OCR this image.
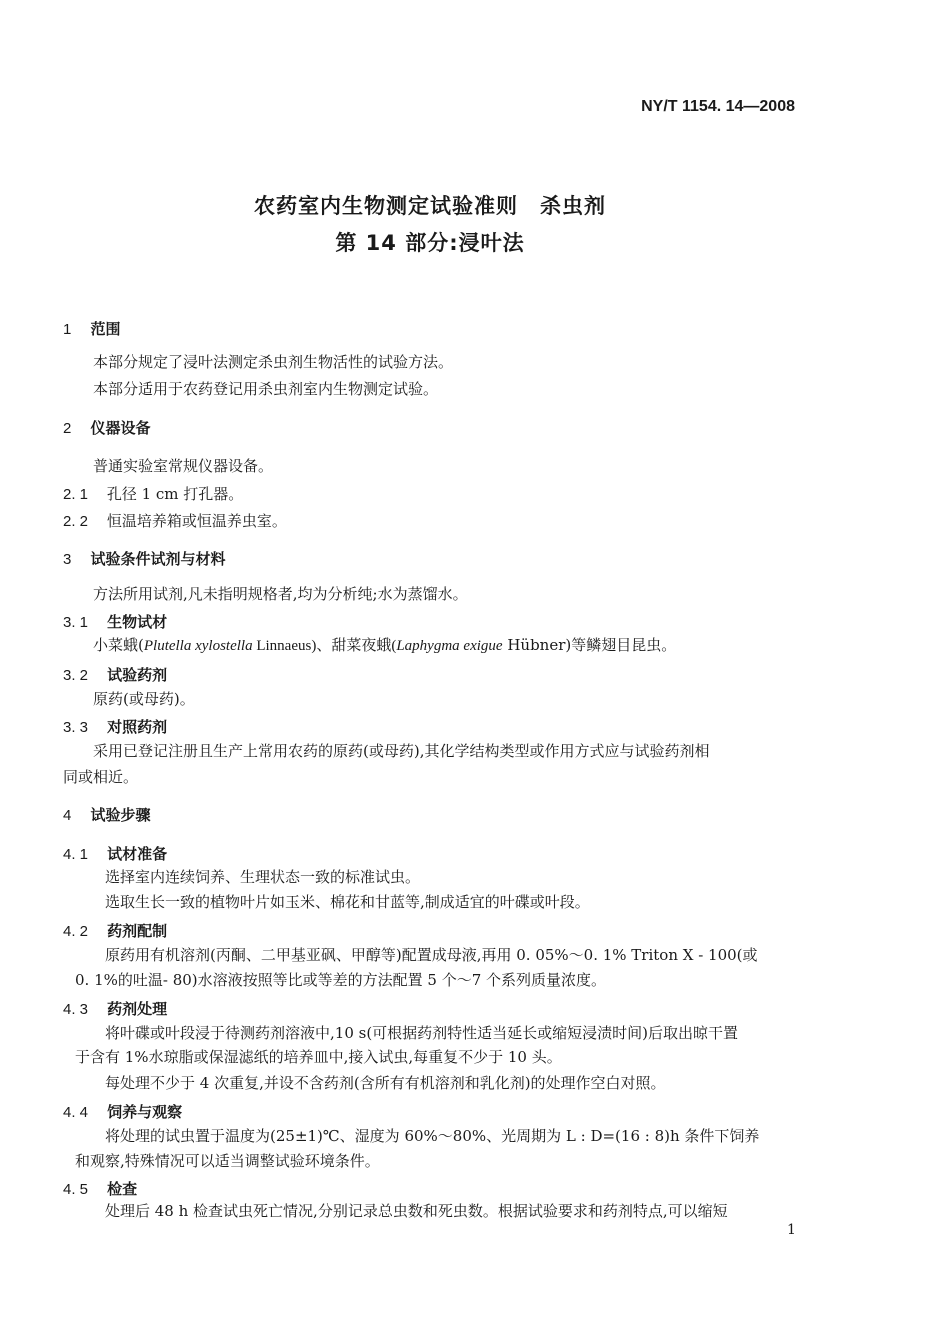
NY/T 1154. 14—2008
农药室内生物测定试验准则　杀虫剂
第 14 部分:浸叶法
1 范围
本部分规定了浸叶法测定杀虫剂生物活性的试验方法。
本部分适用于农药登记用杀虫剂室内生物测定试验。
2 仪器设备
普通实验室常规仪器设备。
2. 1 孔径 1 cm 打孔器。
2. 2 恒温培养箱或恒温养虫室。
3 试验条件试剂与材料
方法所用试剂,凡未指明规格者,均为分析纯;水为蒸馏水。
3. 1 生物试材
小菜蛾(Plutella xylostella Linnaeus)、甜菜夜蛾(Laphygma exigue Hübner)等鳞翅目昆虫。
3. 2 试验药剂
原药(或母药)。
3. 3 对照药剂
采用已登记注册且生产上常用农药的原药(或母药),其化学结构类型或作用方式应与试验药剂相
同或相近。
4 试验步骤
4. 1 试材准备
选择室内连续饲养、生理状态一致的标准试虫。
选取生长一致的植物叶片如玉米、棉花和甘蓝等,制成适宜的叶碟或叶段。
4. 2 药剂配制
原药用有机溶剂(丙酮、二甲基亚砜、甲醇等)配置成母液,再用 0. 05%～0. 1% Triton X - 100(或
0. 1%的吐温- 80)水溶液按照等比或等差的方法配置 5 个～7 个系列质量浓度。
4. 3 药剂处理
将叶碟或叶段浸于待测药剂溶液中,10 s(可根据药剂特性适当延长或缩短浸渍时间)后取出晾干置
于含有 1%水琼脂或保湿滤纸的培养皿中,接入试虫,每重复不少于 10 头。
每处理不少于 4 次重复,并设不含药剂(含所有有机溶剂和乳化剂)的处理作空白对照。
4. 4 饲养与观察
将处理的试虫置于温度为(25±1)℃、湿度为 60%～80%、光周期为 L : D=(16 : 8)h 条件下饲养
和观察,特殊情况可以适当调整试验环境条件。
4. 5 检查
处理后 48 h 检查试虫死亡情况,分别记录总虫数和死虫数。根据试验要求和药剂特点,可以缩短
1
